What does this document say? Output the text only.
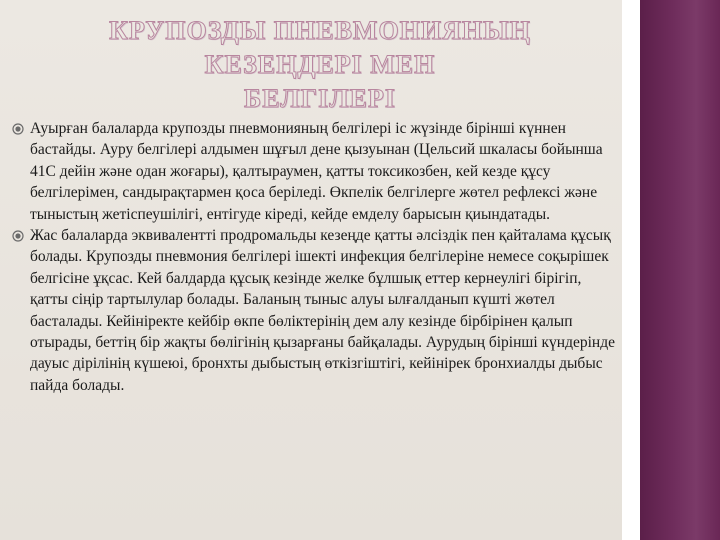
КРУПОЗДЫ ПНЕВМОНИЯНЫҢ
КЕЗЕҢДЕРІ МЕН
БЕЛГІЛЕРІ
Ауырған балаларда крупозды пневмонияның белгілері іс жүзінде бірінші күннен бастайды. Ауру белгілері алдымен шұғыл дене қызуынан (Цельсий шкаласы бойынша 41С дейін және одан жоғары), қалтыраумен, қатты токсикозбен, кей кезде құсу белгілерімен, сандырақтармен қоса беріледі. Өкпелік белгілерге жөтел рефлексі және тыныстың жетіспеушілігі, ентігуде кіреді, кейде емделу барысын қиындатады.
Жас балаларда эквивалентті продромальды кезеңде қатты әлсіздік пен қайталама құсық болады. Крупозды пневмония белгілері ішекті инфекция белгілеріне немесе соқырішек белгісіне ұқсас. Кей балдарда құсық кезінде желке бұлшық еттер кернеулігі бірігіп, қатты сіңір тартылулар болады. Баланың тыныс алуы ылғалданып күшті жөтел басталады. Кейініректе кейбір өкпе бөліктерінің дем алу кезінде бірбірінен қалып отырады, беттің бір жақты бөлігінің қызарғаны байқалады. Аурудың бірінші күндерінде дауыс дірілінің күшеюі, бронхты дыбыстың өткізгіштігі, кейінірек бронхиалды дыбыс пайда болады.
